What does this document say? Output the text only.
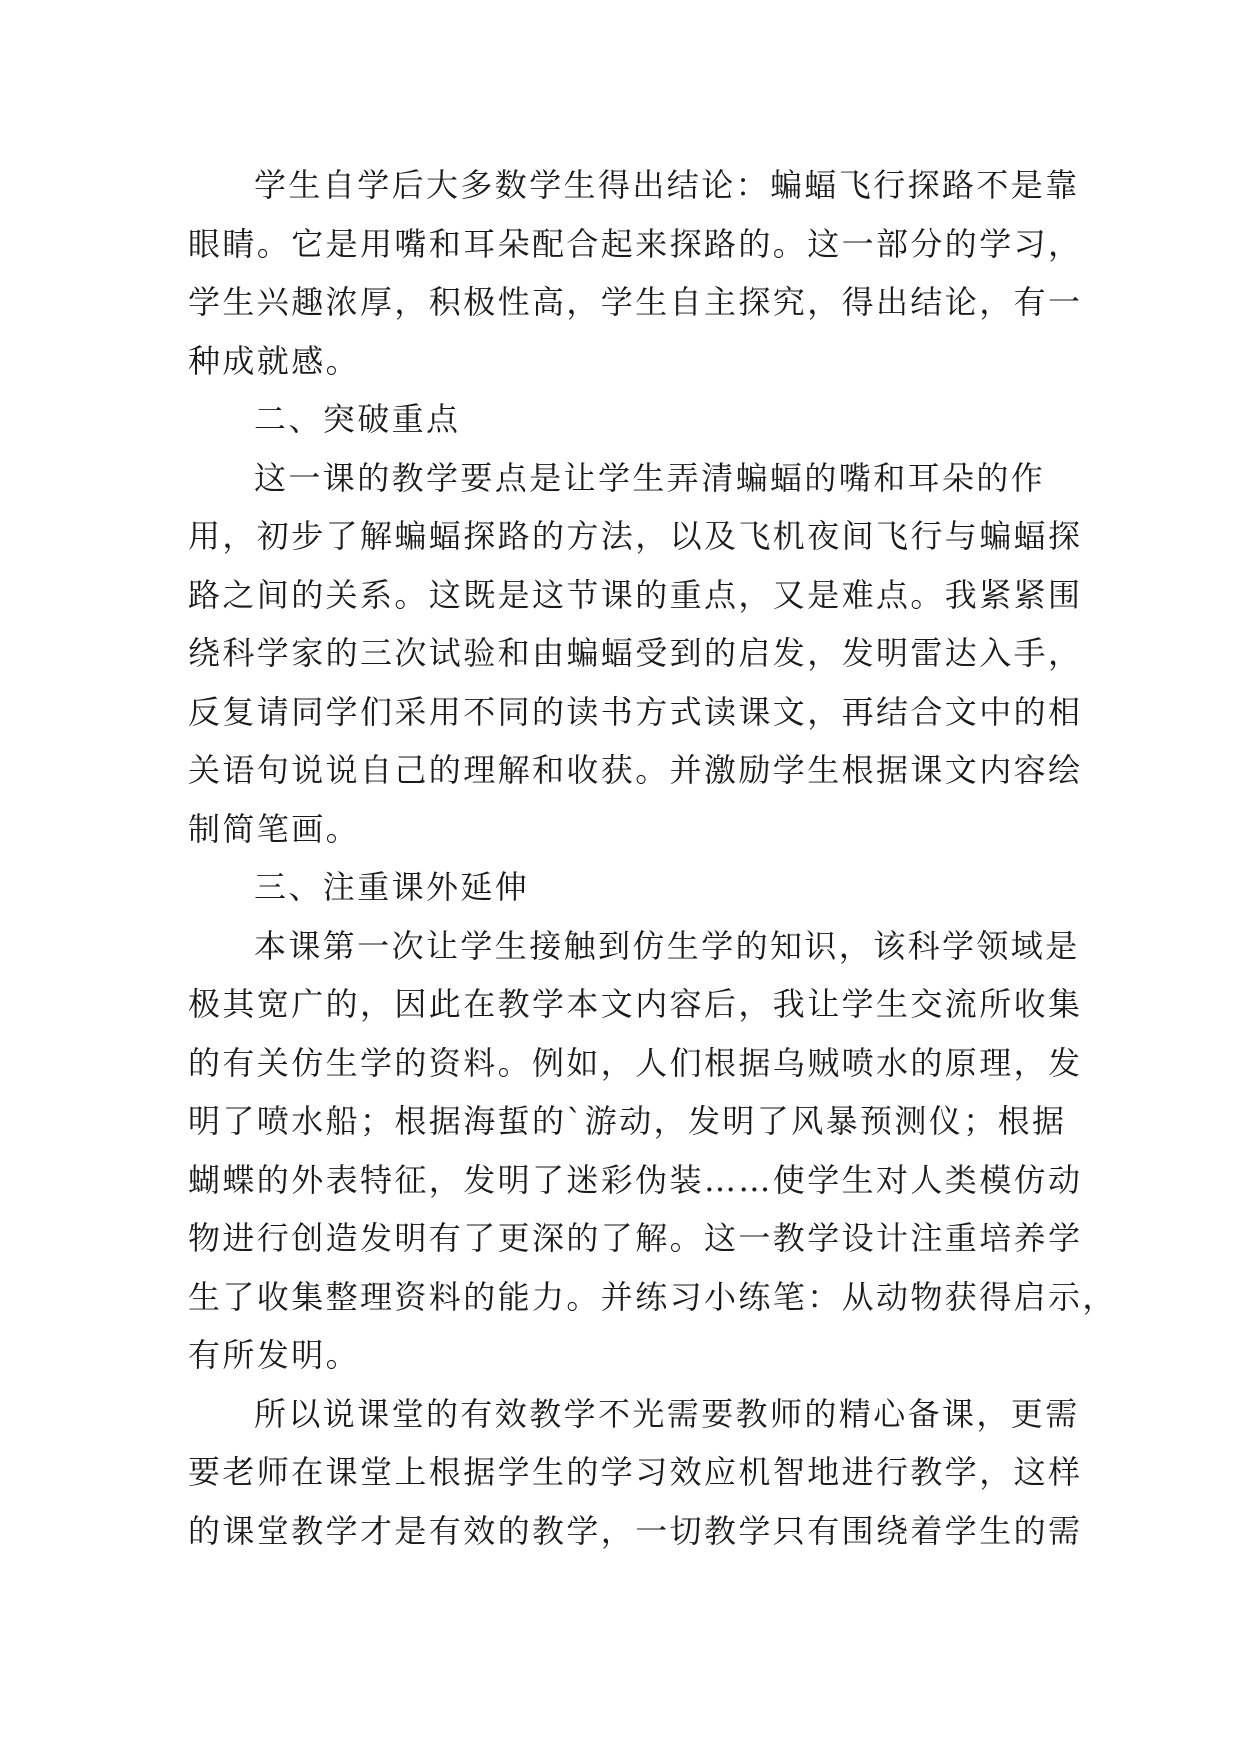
学生自学后大多数学生得出结论：蝙蝠飞行探路不是靠
眼睛。它是用嘴和耳朵配合起来探路的。这一部分的学习，
学生兴趣浓厚，积极性高，学生自主探究，得出结论，有一
种成就感。
二、突破重点
这一课的教学要点是让学生弄清蝙蝠的嘴和耳朵的作
用，初步了解蝙蝠探路的方法，以及飞机夜间飞行与蝙蝠探
路之间的关系。这既是这节课的重点，又是难点。我紧紧围
绕科学家的三次试验和由蝙蝠受到的启发，发明雷达入手，
反复请同学们采用不同的读书方式读课文，再结合文中的相
关语句说说自己的理解和收获。并激励学生根据课文内容绘
制简笔画。
三、注重课外延伸
本课第一次让学生接触到仿生学的知识，该科学领域是
极其宽广的，因此在教学本文内容后，我让学生交流所收集
的有关仿生学的资料。例如，人们根据乌贼喷水的原理，发
明了喷水船；根据海蜇的`游动，发明了风暴预测仪；根据
蝴蝶的外表特征，发明了迷彩伪装……使学生对人类模仿动
物进行创造发明有了更深的了解。这一教学设计注重培养学
生了收集整理资料的能力。并练习小练笔：从动物获得启示，
有所发明。
所以说课堂的有效教学不光需要教师的精心备课，更需
要老师在课堂上根据学生的学习效应机智地进行教学，这样
的课堂教学才是有效的教学，一切教学只有围绕着学生的需
